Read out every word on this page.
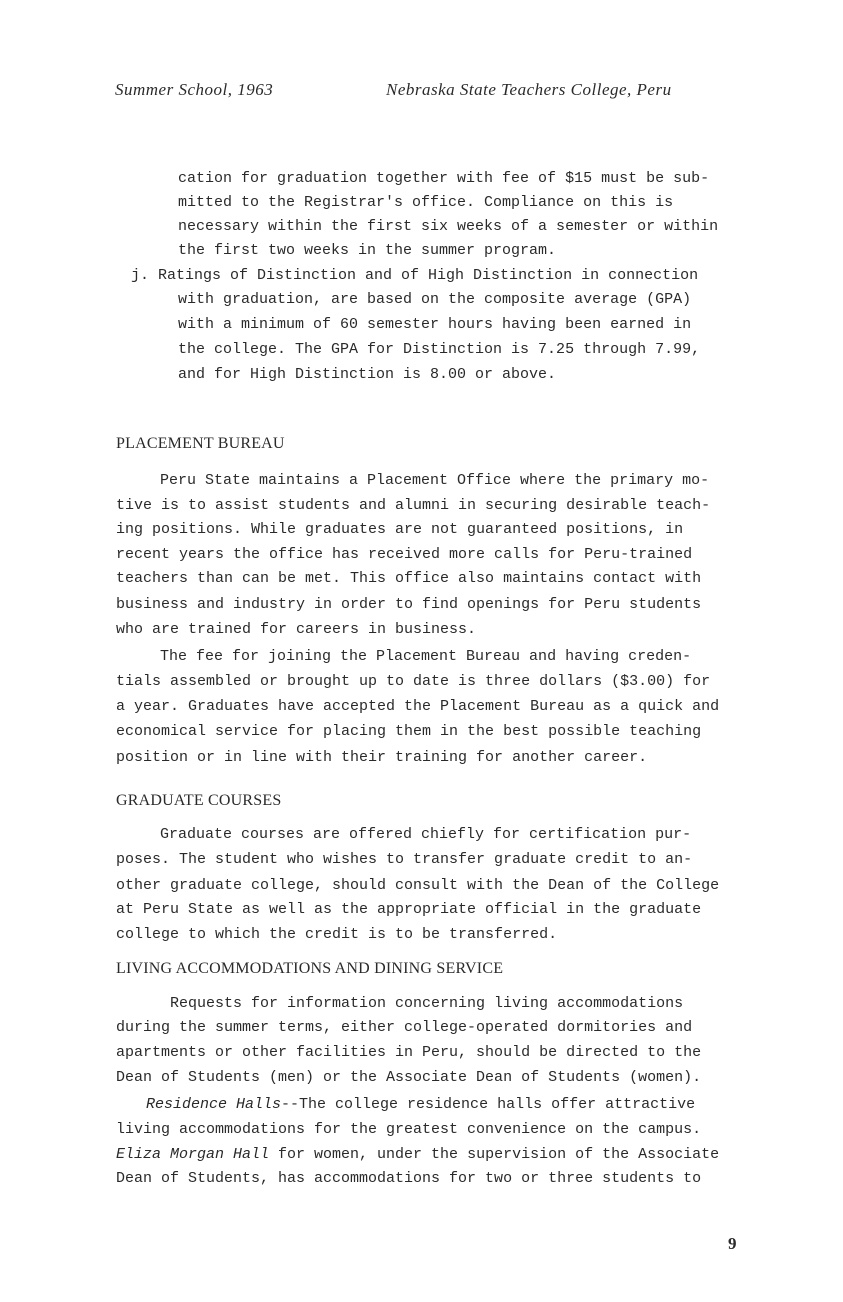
Summer School, 1963	Nebraska State Teachers College, Peru
cation for graduation together with fee of $15 must be sub-
mitted to the Registrar's office. Compliance on this is
necessary within the first six weeks of a semester or within
the first two weeks in the summer program.
j. Ratings of Distinction and of High Distinction in connection
with graduation, are based on the composite average (GPA)
with a minimum of 60 semester hours having been earned in
the college. The GPA for Distinction is 7.25 through 7.99,
and for High Distinction is 8.00 or above.
PLACEMENT BUREAU
Peru State maintains a Placement Office where the primary mo-
tive is to assist students and alumni in securing desirable teach-
ing positions. While graduates are not guaranteed positions, in
recent years the office has received more calls for Peru-trained
teachers than can be met. This office also maintains contact with
business and industry in order to find openings for Peru students
who are trained for careers in business.
The fee for joining the Placement Bureau and having creden-
tials assembled or brought up to date is three dollars ($3.00) for
a year. Graduates have accepted the Placement Bureau as a quick and
economical service for placing them in the best possible teaching
position or in line with their training for another career.
GRADUATE COURSES
Graduate courses are offered chiefly for certification pur-
poses. The student who wishes to transfer graduate credit to an-
other graduate college, should consult with the Dean of the College
at Peru State as well as the appropriate official in the graduate
college to which the credit is to be transferred.
LIVING ACCOMMODATIONS AND DINING SERVICE
Requests for information concerning living accommodations
during the summer terms, either college-operated dormitories and
apartments or other facilities in Peru, should be directed to the
Dean of Students (men) or the Associate Dean of Students (women).
Residence Halls--The college residence halls offer attractive
living accommodations for the greatest convenience on the campus.
Eliza Morgan Hall for women, under the supervision of the Associate
Dean of Students, has accommodations for two or three students to
9
